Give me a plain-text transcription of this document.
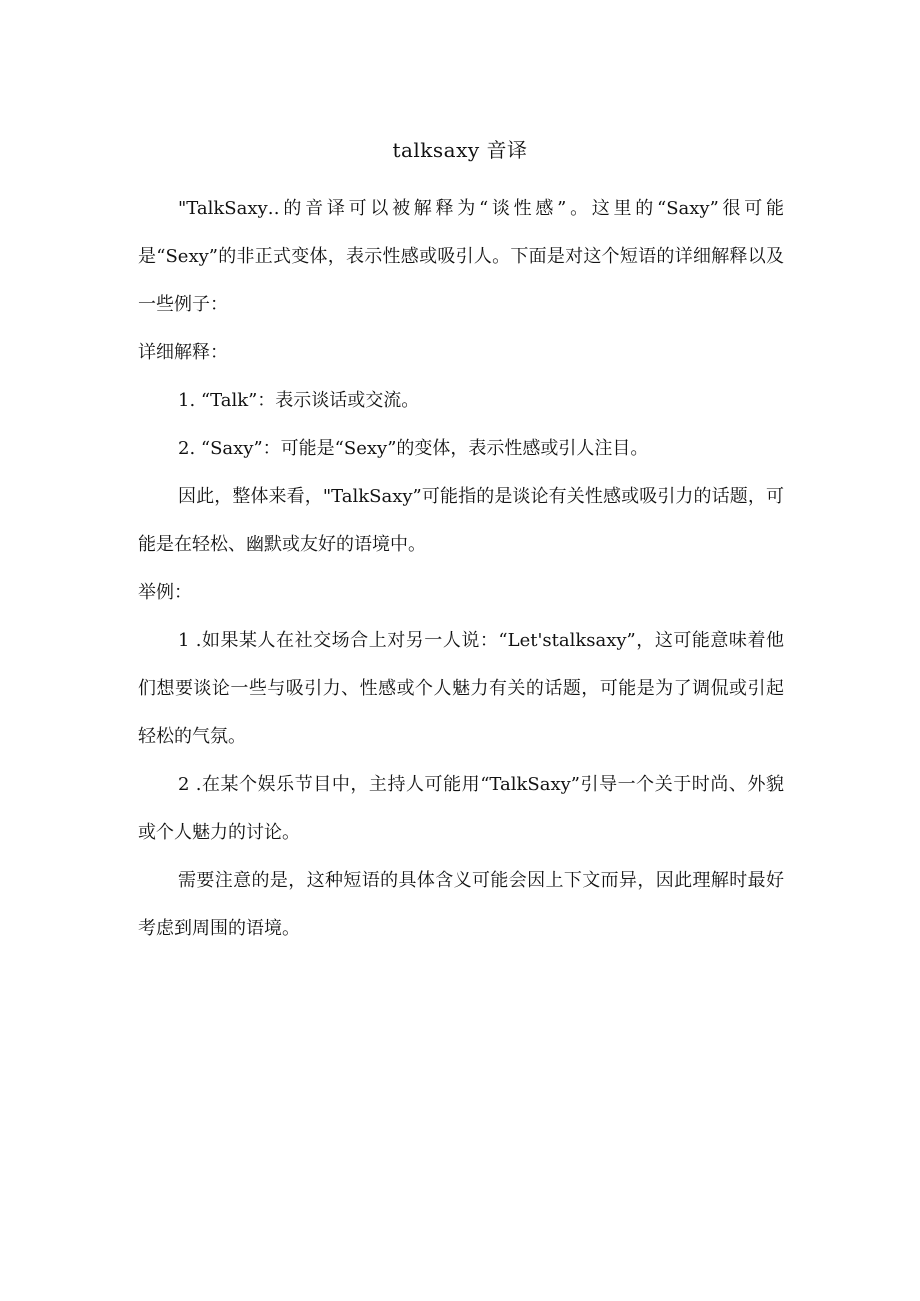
talksaxy 音译

"TalkSaxy‥的音译可以被解释为“谈性感”。这里的“Saxy”很可能是“Sexy”的非正式变体，表示性感或吸引人。下面是对这个短语的详细解释以及一些例子：

详细解释：

1. “Talk”：表示谈话或交流。

2. “Saxy”：可能是“Sexy”的变体，表示性感或引人注目。

因此，整体来看，"TalkSaxy”可能指的是谈论有关性感或吸引力的话题，可能是在轻松、幽默或友好的语境中。

举例：

1 .如果某人在社交场合上对另一人说：“Let'stalksaxy”，这可能意味着他们想要谈论一些与吸引力、性感或个人魅力有关的话题，可能是为了调侃或引起轻松的气氛。

2 .在某个娱乐节目中，主持人可能用“TalkSaxy”引导一个关于时尚、外貌或个人魅力的讨论。

需要注意的是，这种短语的具体含义可能会因上下文而异，因此理解时最好考虑到周围的语境。
